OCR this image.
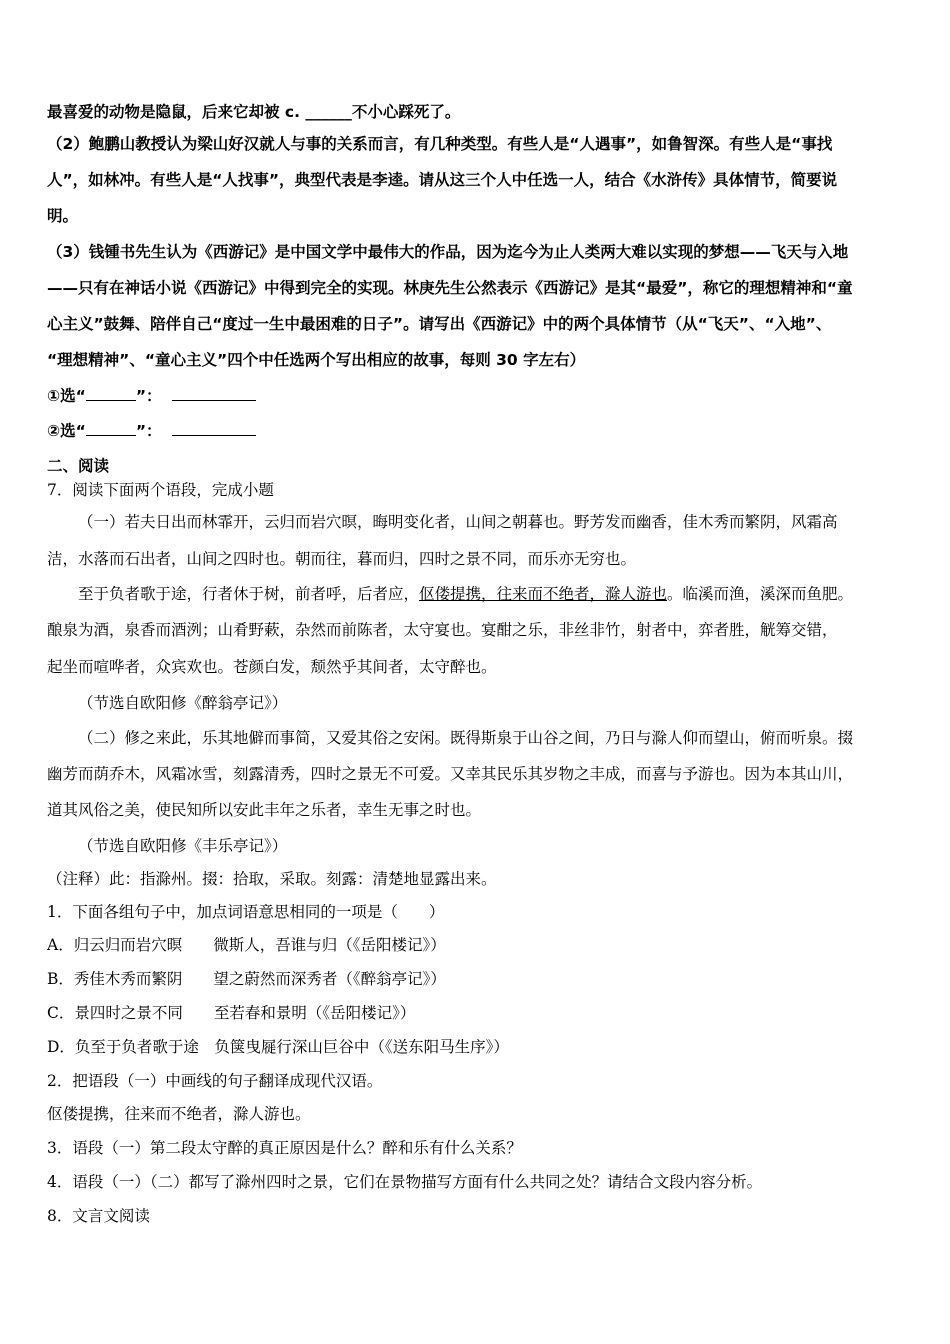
最喜爱的动物是隐鼠，后来它却被 c. ______不小心踩死了。
（2）鲍鹏山教授认为梁山好汉就人与事的关系而言，有几种类型。有些人是“人遇事”，如鲁智深。有些人是“事找
人”，如林冲。有些人是“人找事”，典型代表是李逵。请从这三个人中任选一人，结合《水浒传》具体情节，简要说
明。
（3）钱锺书先生认为《西游记》是中国文学中最伟大的作品，因为迄今为止人类两大难以实现的梦想——飞天与入地
——只有在神话小说《西游记》中得到完全的实现。林庚先生公然表示《西游记》是其“最爱”，称它的理想精神和“童
心主义”鼓舞、陪伴自己“度过一生中最困难的日子”。请写出《西游记》中的两个具体情节（从“飞天”、“入地”、
“理想精神”、“童心主义”四个中任选两个写出相应的故事，每则 30 字左右）
①选“	”：
②选“	”：
二、阅读
7．阅读下面两个语段，完成小题
（一）若夫日出而林霏开，云归而岩穴暝，晦明变化者，山间之朝暮也。野芳发而幽香，佳木秀而繁阴，风霜高
洁，水落而石出者，山间之四时也。朝而往，暮而归，四时之景不同，而乐亦无穷也。
至于负者歌于途，行者休于树，前者呼，后者应，伛偻提携，往来而不绝者，滁人游也。临溪而渔，溪深而鱼肥。
酿泉为酒，泉香而酒洌；山肴野蔌，杂然而前陈者，太守宴也。宴酣之乐，非丝非竹，射者中，弈者胜，觥筹交错，
起坐而喧哗者，众宾欢也。苍颜白发，颓然乎其间者，太守醉也。
（节选自欧阳修《醉翁亭记》）
（二）修之来此，乐其地僻而事简，又爱其俗之安闲。既得斯泉于山谷之间，乃日与滁人仰而望山，俯而听泉。掇
幽芳而荫乔木，风霜冰雪，刻露清秀，四时之景无不可爱。又幸其民乐其岁物之丰成，而喜与予游也。因为本其山川，
道其风俗之美，使民知所以安此丰年之乐者，幸生无事之时也。
（节选自欧阳修《丰乐亭记》）
（注释）此：指滁州。掇：拾取，采取。刻露：清楚地显露出来。
1．下面各组句子中，加点词语意思相同的一项是（　　）
A．归云归而岩穴暝　　微斯人，吾谁与归（《岳阳楼记》）
B．秀佳木秀而繁阴　　望之蔚然而深秀者（《醉翁亭记》）
C．景四时之景不同　　至若春和景明（《岳阳楼记》）
D．负至于负者歌于途　负箧曳屣行深山巨谷中（《送东阳马生序》）
2．把语段（一）中画线的句子翻译成现代汉语。
伛偻提携，往来而不绝者，滁人游也。
3．语段（一）第二段太守醉的真正原因是什么？醉和乐有什么关系？
4．语段（一）（二）都写了滁州四时之景，它们在景物描写方面有什么共同之处？请结合文段内容分析。
8．文言文阅读
